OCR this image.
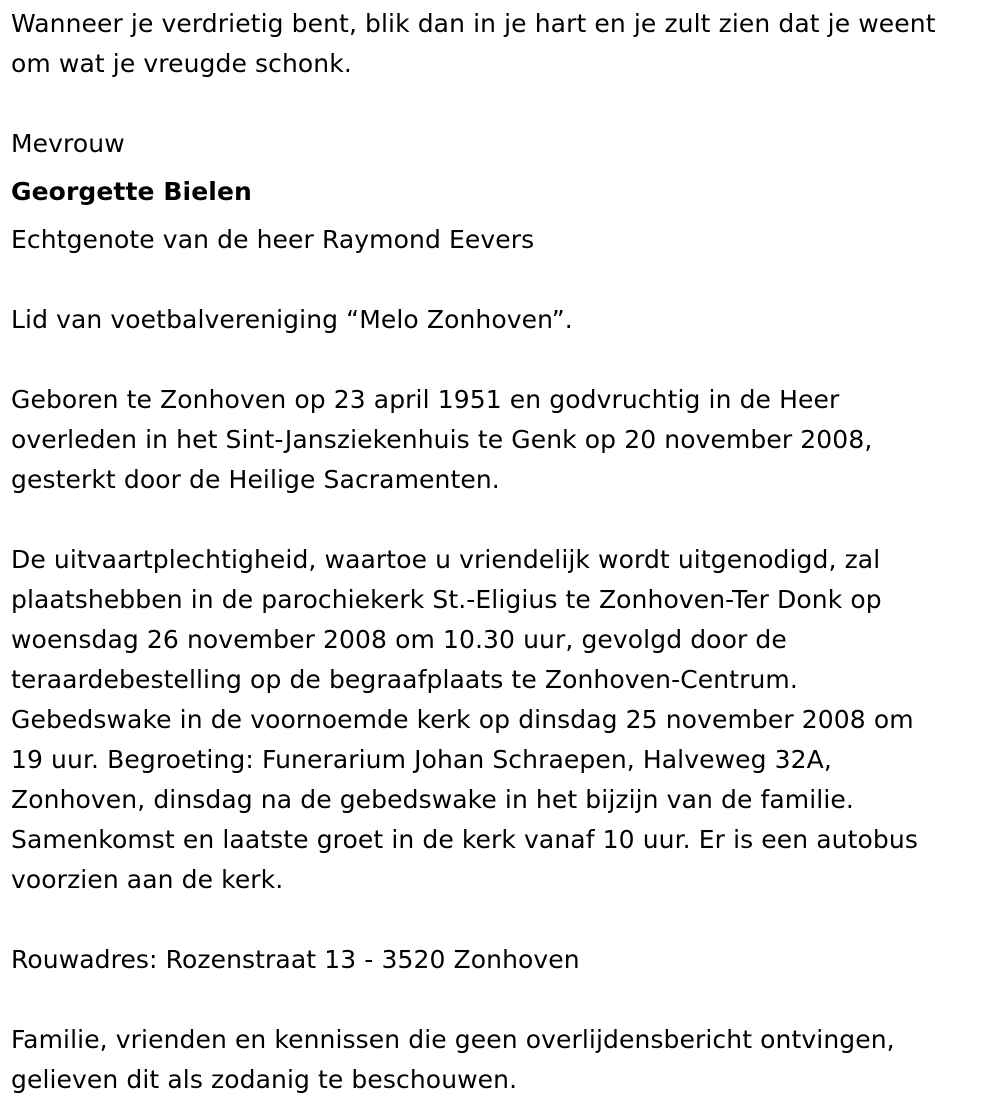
Wanneer je verdrietig bent, blik dan in je hart en je zult zien dat je weent
om wat je vreugde schonk.
Mevrouw
Georgette Bielen
Echtgenote van de heer Raymond Eevers
Lid van voetbalvereniging “Melo Zonhoven”.
Geboren te Zonhoven op 23 april 1951 en godvruchtig in de Heer
overleden in het Sint-Jansziekenhuis te Genk op 20 november 2008,
gesterkt door de Heilige Sacramenten.
De uitvaartplechtigheid, waartoe u vriendelijk wordt uitgenodigd, zal
plaatshebben in de parochiekerk St.-Eligius te Zonhoven-Ter Donk op
woensdag 26 november 2008 om 10.30 uur, gevolgd door de
teraardebestelling op de begraafplaats te Zonhoven-Centrum.
Gebedswake in de voornoemde kerk op dinsdag 25 november 2008 om
19 uur. Begroeting: Funerarium Johan Schraepen, Halveweg 32A,
Zonhoven, dinsdag na de gebedswake in het bijzijn van de familie.
Samenkomst en laatste groet in de kerk vanaf 10 uur. Er is een autobus
voorzien aan de kerk.
Rouwadres: Rozenstraat 13 - 3520 Zonhoven
Familie, vrienden en kennissen die geen overlijdensbericht ontvingen,
gelieven dit als zodanig te beschouwen.
